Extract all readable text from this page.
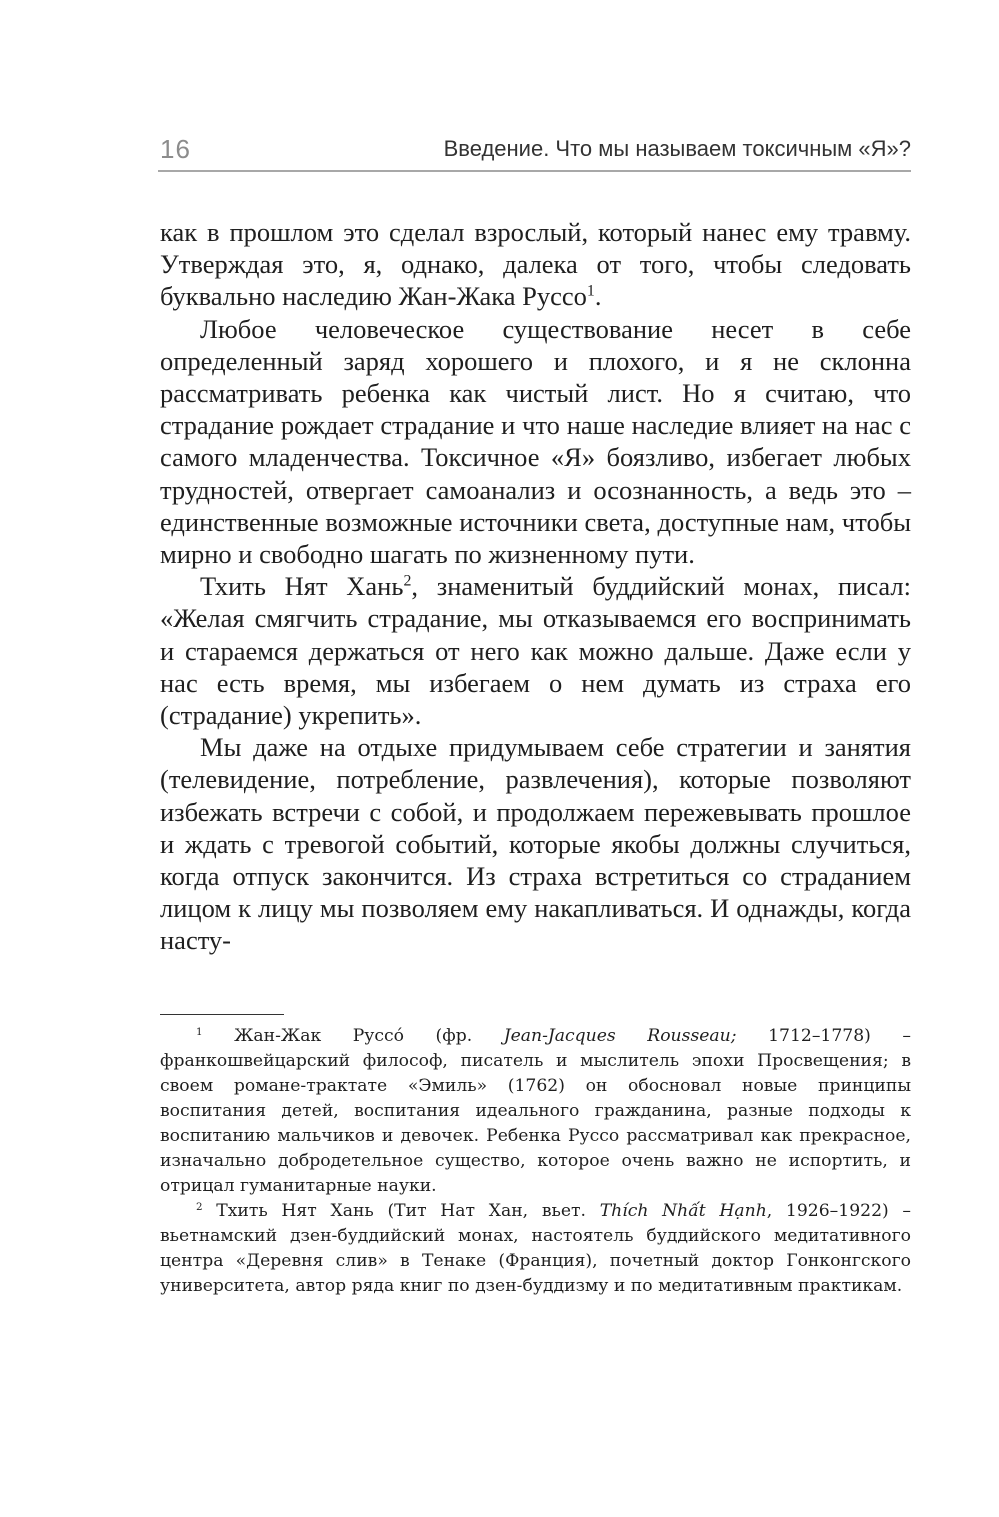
16	Введение. Что мы называем токсичным «Я»?

как в прошлом это сделал взрослый, который нанес ему травму. Утверждая это, я, однако, далека от того, чтобы следовать буквально наследию Жан-Жака Руссо$^1$.

Любое человеческое существование несет в себе определенный заряд хорошего и плохого, и я не склонна рассматривать ребенка как чистый лист. Но я считаю, что страдание рождает страдание и что наше наследие влияет на нас с самого младенчества. Токсичное «Я» боязливо, избегает любых трудностей, отвергает самоанализ и осознанность, а ведь это – единственные возможные источники света, доступные нам, чтобы мирно и свободно шагать по жизненному пути.

Тхить Нят Хань$^2$, знаменитый буддийский монах, писал: «Желая смягчить страдание, мы отказываемся его воспринимать и стараемся держаться от него как можно дальше. Даже если у нас есть время, мы избегаем о нем думать из страха его (страдание) укрепить».

Мы даже на отдыхе придумываем себе стратегии и занятия (телевидение, потребление, развлечения), которые позволяют избежать встречи с собой, и продолжаем пережевывать прошлое и ждать с тревогой событий, которые якобы должны случиться, когда отпуск закончится. Из страха встретиться со страданием лицом к лицу мы позволяем ему накапливаться. И однажды, когда насту-

$^1$ Жан-Жак Руссо́ (фр. Jean-Jacques Rousseau; 1712–1778) – франкошвейцарский философ, писатель и мыслитель эпохи Просвещения; в своем романе-трактате «Эмиль» (1762) он обосновал новые принципы воспитания детей, воспитания идеального гражданина, разные подходы к воспитанию мальчиков и девочек. Ребенка Руссо рассматривал как прекрасное, изначально добродетельное существо, которое очень важно не испортить, и отрицал гуманитарные науки.

$^2$ Тхить Нят Хань (Тит Нат Хан, вьет. Thích Nhất Hạnh, 1926–1922) – вьетнамский дзен-буддийский монах, настоятель буддийского медитативного центра «Деревня слив» в Тенаке (Франция), почетный доктор Гонконгского университета, автор ряда книг по дзен-буддизму и по медитативным практикам.
